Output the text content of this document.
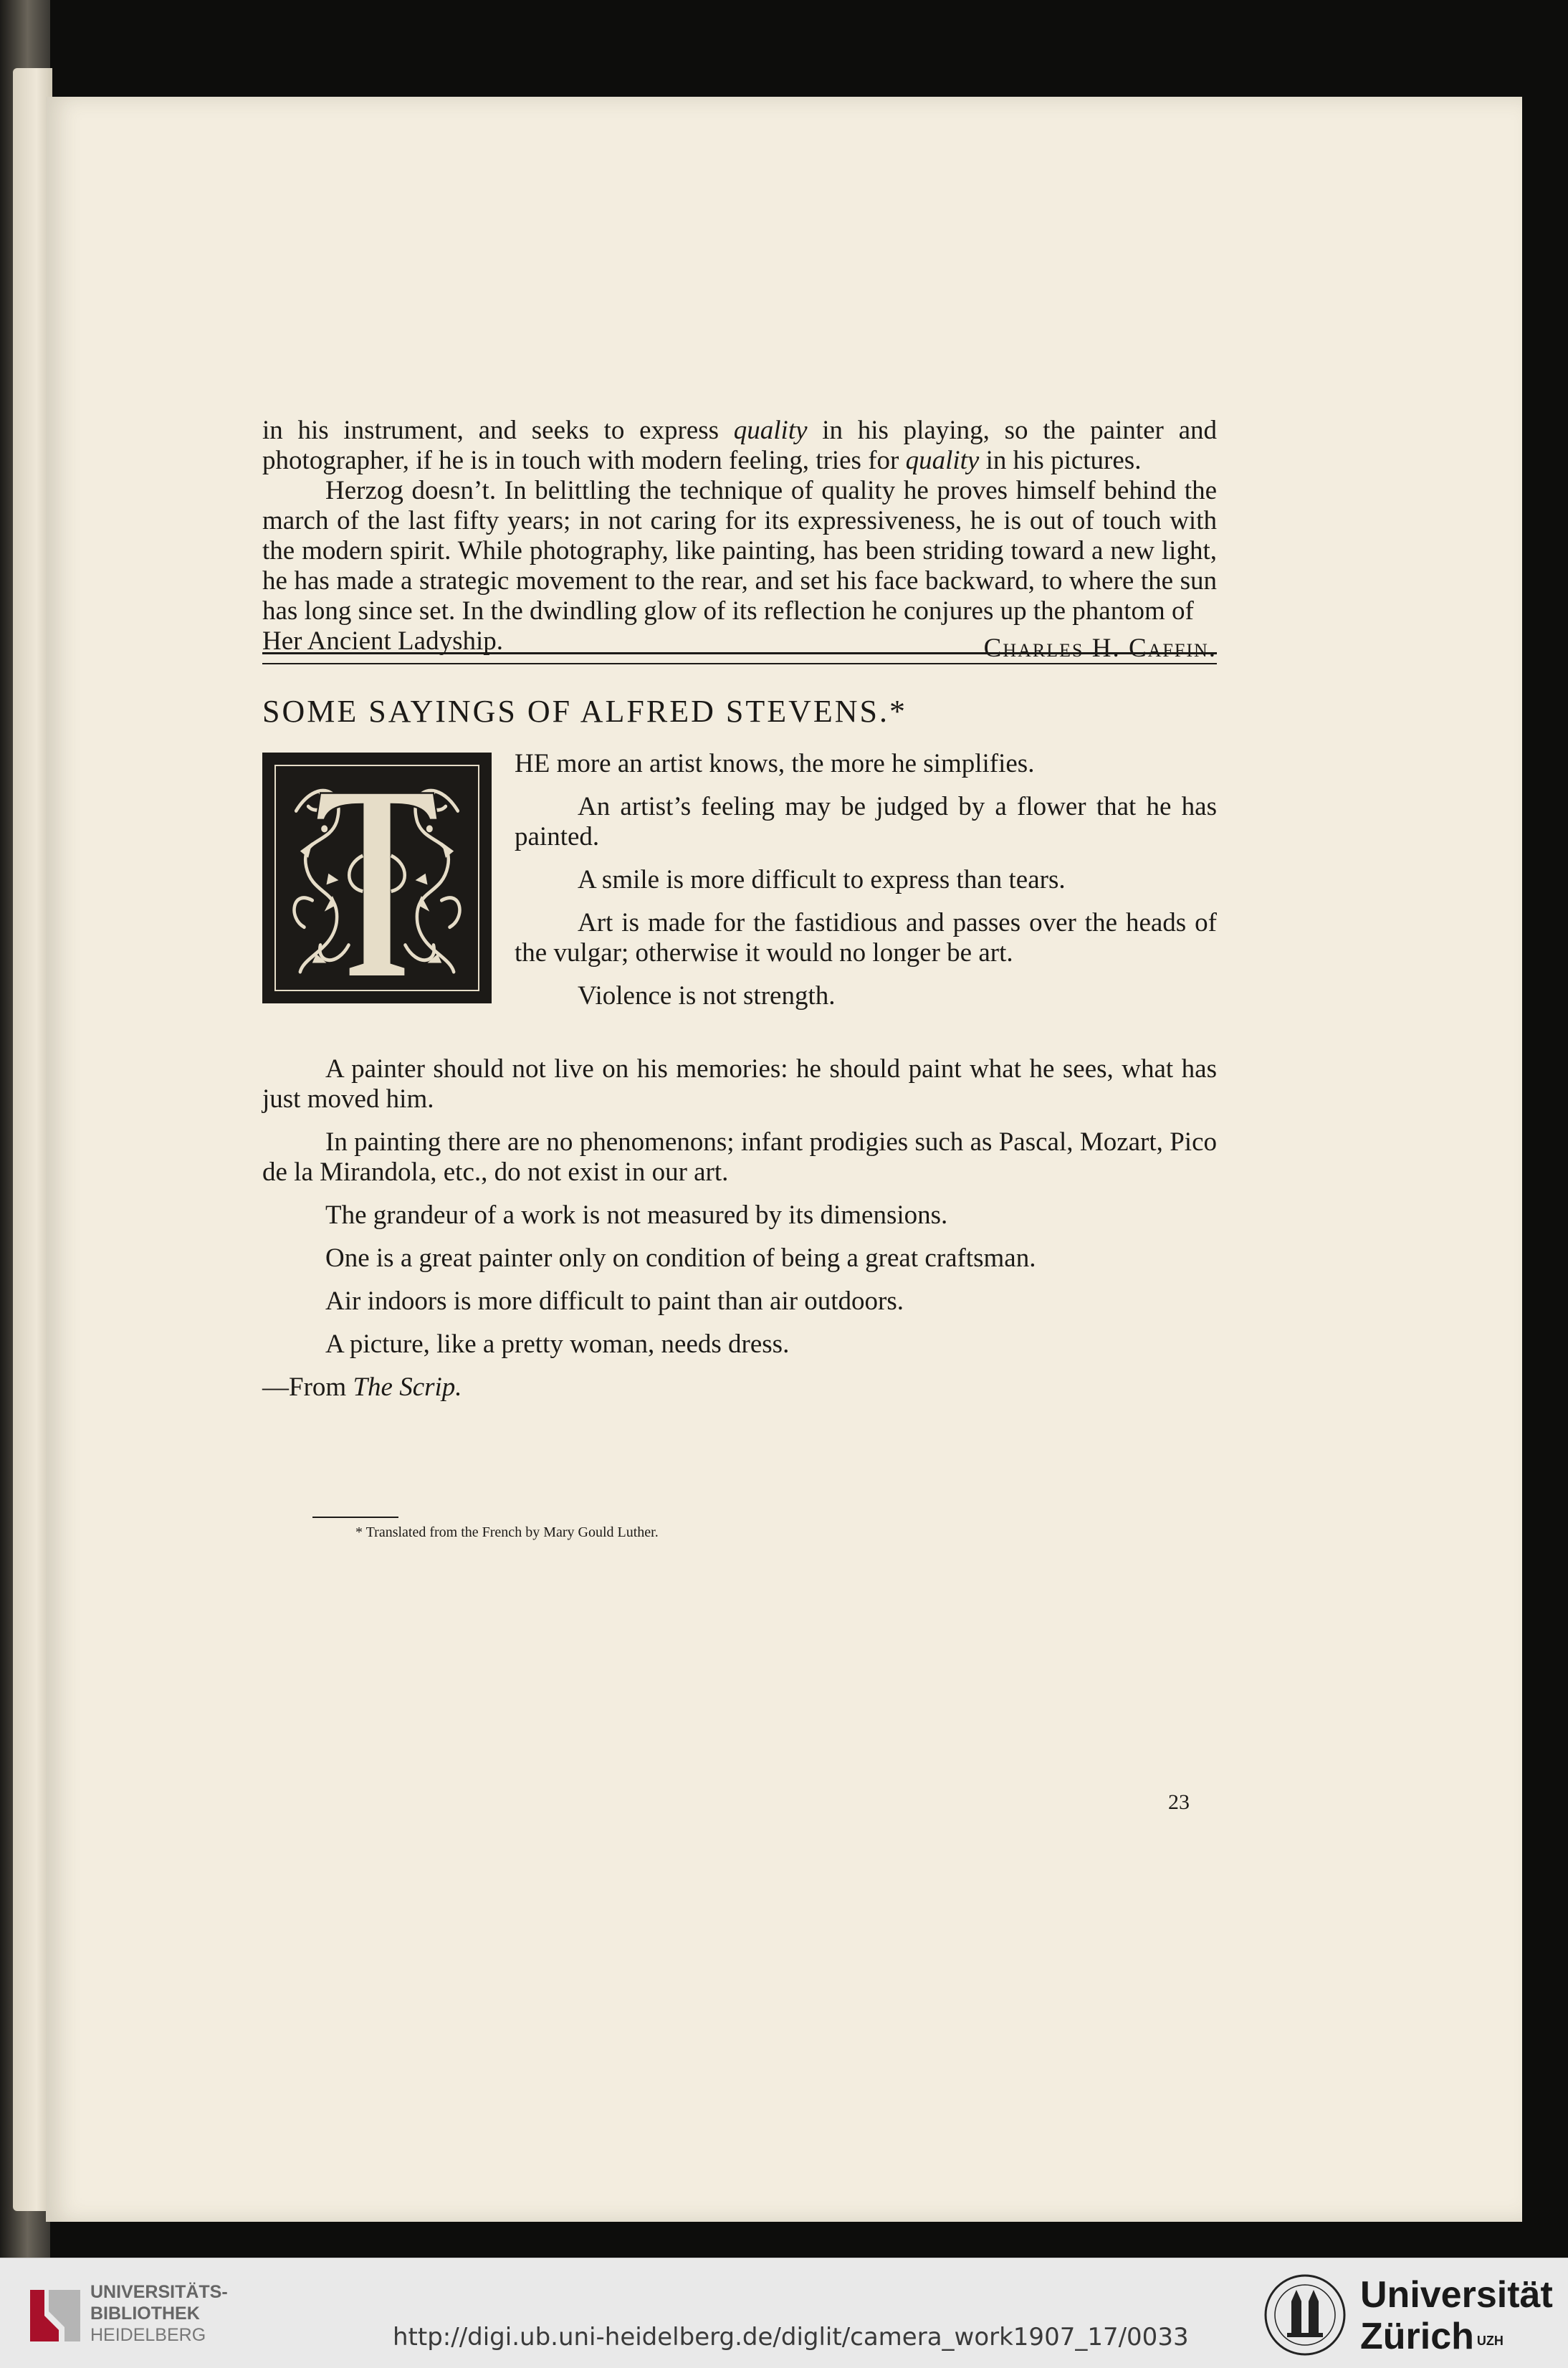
in his instrument, and seeks to express quality in his playing, so the painter and photographer, if he is in touch with modern feeling, tries for quality in his pictures.

Herzog doesn’t. In belittling the technique of quality he proves himself behind the march of the last fifty years; in not caring for its expressiveness, he is out of touch with the modern spirit. While photography, like painting, has been striding toward a new light, he has made a strategic movement to the rear, and set his face backward, to where the sun has long since set. In the dwindling glow of its reflection he conjures up the phantom of

Her Ancient Ladyship.	Charles H. Caffin.
SOME SAYINGS OF ALFRED STEVENS.*

HE more an artist knows, the more he simplifies.

An artist’s feeling may be judged by a flower that he has painted.

A smile is more difficult to express than tears.

Art is made for the fastidious and passes over the heads of the vulgar; otherwise it would no longer be art.

Violence is not strength.

A painter should not live on his memories: he should paint what he sees, what has just moved him.

In painting there are no phenomenons; infant prodigies such as Pascal, Mozart, Pico de la Mirandola, etc., do not exist in our art.

The grandeur of a work is not measured by its dimensions.

One is a great painter only on condition of being a great craftsman.

Air indoors is more difficult to paint than air outdoors.

A picture, like a pretty woman, needs dress.

—From The Scrip.

* Translated from the French by Mary Gould Luther.

23

UNIVERSITÄTS-
BIBLIOTHEK
HEIDELBERG	http://digi.ub.uni-heidelberg.de/diglit/camera_work1907_17/0033
Universität
Zürich $^{UZH}$
